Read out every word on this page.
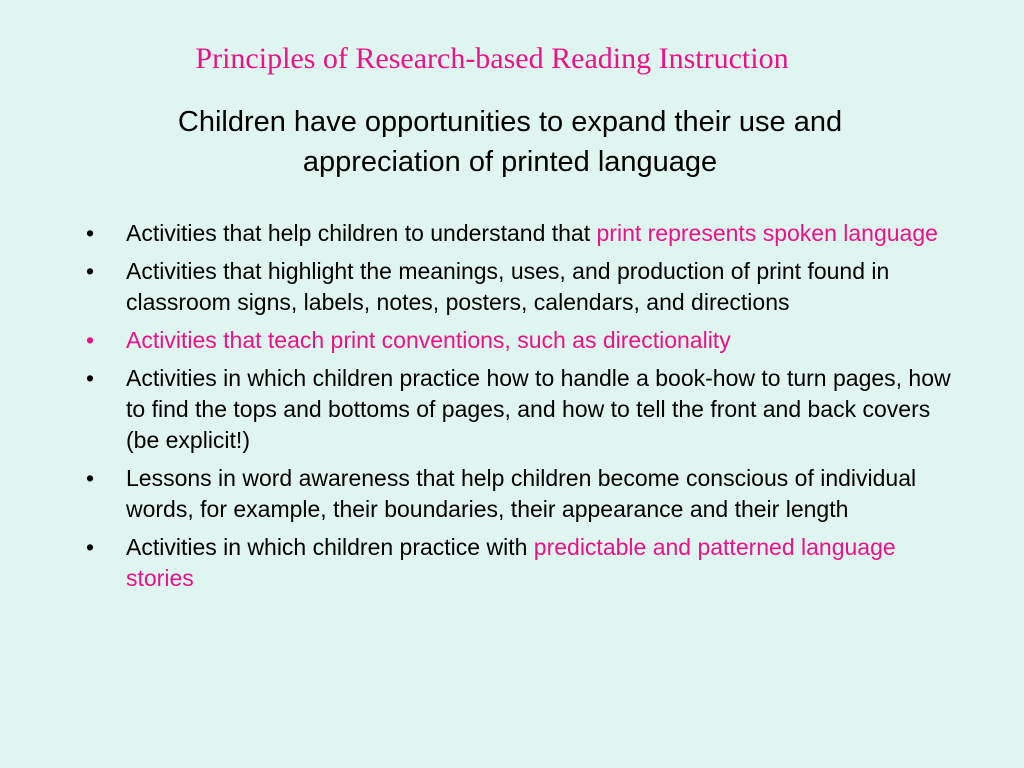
Principles of Research-based Reading Instruction
Children have opportunities to expand their use and appreciation of printed language
• Activities that help children to understand that print represents spoken language
• Activities that highlight the meanings, uses, and production of print found in classroom signs, labels, notes, posters, calendars, and directions
• Activities that teach print conventions, such as directionality
• Activities in which children practice how to handle a book-how to turn pages, how to find the tops and bottoms of pages, and how to tell the front and back covers (be explicit!)
• Lessons in word awareness that help children become conscious of individual words, for example, their boundaries, their appearance and their length
• Activities in which children practice with predictable and patterned language stories
